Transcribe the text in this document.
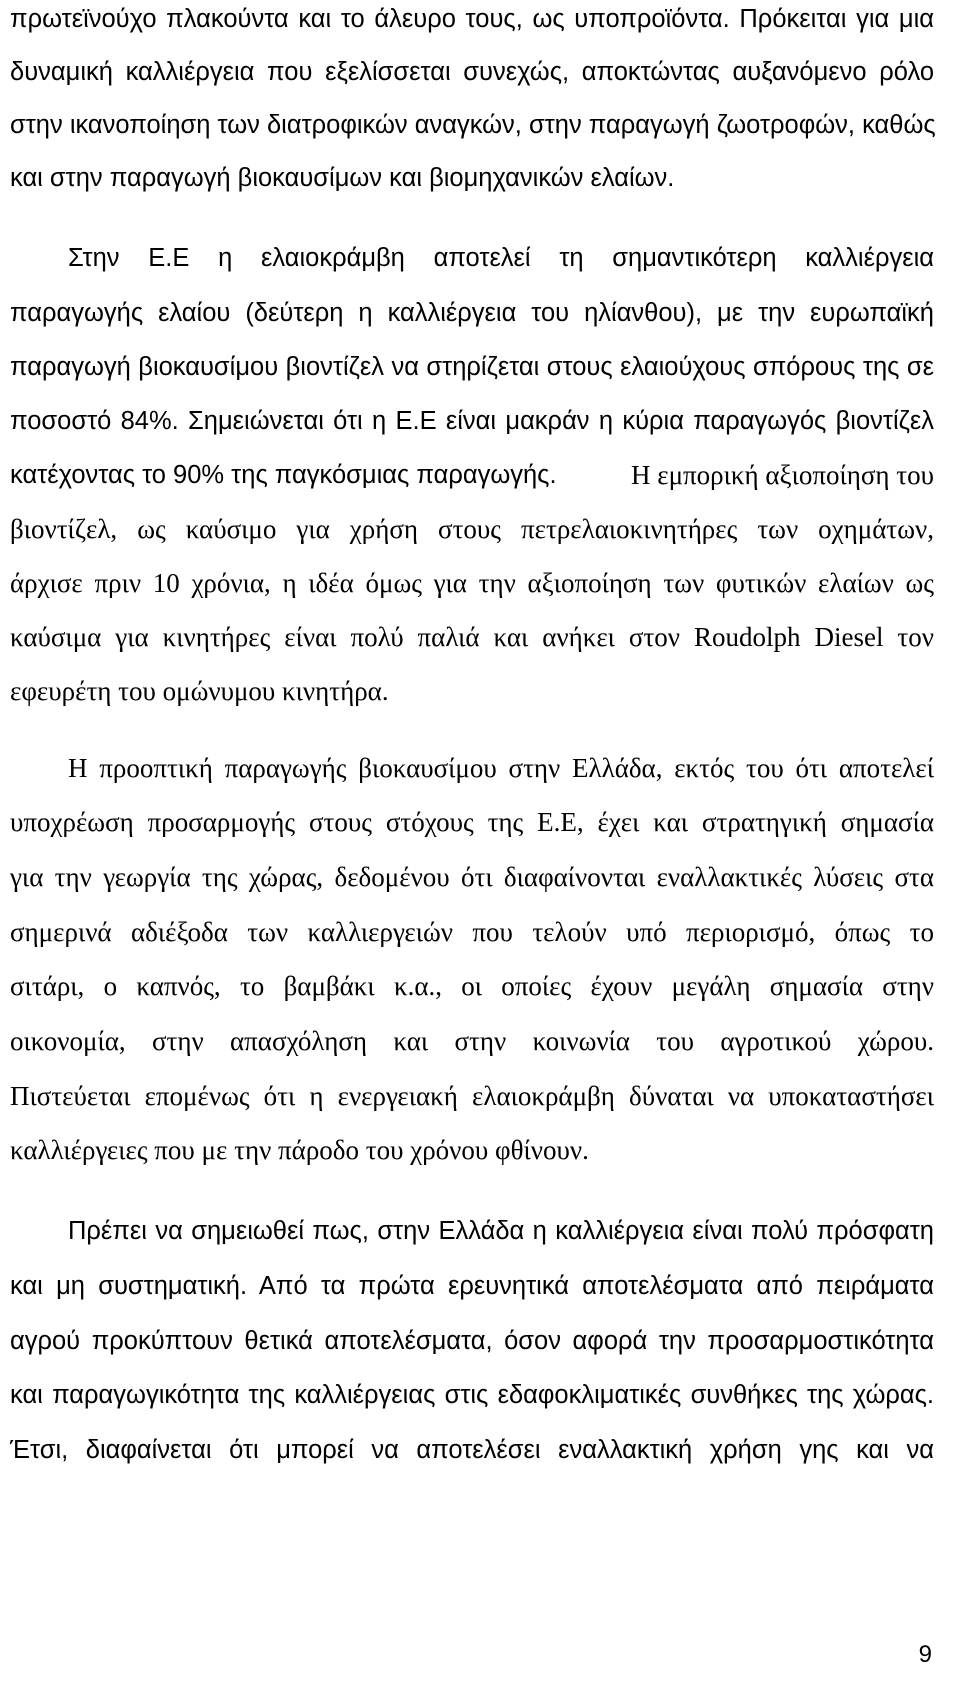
πρωτεϊνούχο πλακούντα και το άλευρο τους, ως υποπροϊόντα. Πρόκειται για μια
δυναμική καλλιέργεια που εξελίσσεται συνεχώς, αποκτώντας αυξανόμενο ρόλο
στην ικανοποίηση των διατροφικών αναγκών, στην παραγωγή ζωοτροφών, καθώς
και στην παραγωγή βιοκαυσίμων και βιομηχανικών ελαίων.
Στην Ε.Ε η ελαιοκράμβη αποτελεί τη σημαντικότερη καλλιέργεια
παραγωγής ελαίου (δεύτερη η καλλιέργεια του ηλίανθου), με την ευρωπαϊκή
παραγωγή βιοκαυσίμου βιοντίζελ να στηρίζεται στους ελαιούχους σπόρους της σε
ποσοστό 84%. Σημειώνεται ότι η Ε.Ε είναι μακράν η κύρια παραγωγός βιοντίζελ
κατέχοντας το 90% της παγκόσμιας παραγωγής.	Η εμπορική αξιοποίηση του
βιοντίζελ, ως καύσιμο για χρήση στους πετρελαιοκινητήρες των οχημάτων,
άρχισε πριν 10 χρόνια, η ιδέα όμως για την αξιοποίηση των φυτικών ελαίων ως
καύσιμα για κινητήρες είναι πολύ παλιά και ανήκει στον Roudolph Diesel τον
εφευρέτη του ομώνυμου κινητήρα.
Η προοπτική παραγωγής βιοκαυσίμου στην Ελλάδα, εκτός του ότι αποτελεί
υποχρέωση προσαρμογής στους στόχους της Ε.Ε, έχει και στρατηγική σημασία
για την γεωργία της χώρας, δεδομένου ότι διαφαίνονται εναλλακτικές λύσεις στα
σημερινά αδιέξοδα των καλλιεργειών που τελούν υπό περιορισμό, όπως το
σιτάρι, ο καπνός, το βαμβάκι κ.α., οι οποίες έχουν μεγάλη σημασία στην
οικονομία, στην απασχόληση και στην κοινωνία του αγροτικού χώρου.
Πιστεύεται επομένως ότι η ενεργειακή ελαιοκράμβη δύναται να υποκαταστήσει
καλλιέργειες που με την πάροδο του χρόνου φθίνουν.
Πρέπει να σημειωθεί πως, στην Ελλάδα η καλλιέργεια είναι πολύ πρόσφατη
και μη συστηματική. Από τα πρώτα ερευνητικά αποτελέσματα από πειράματα
αγρού προκύπτουν θετικά αποτελέσματα, όσον αφορά την προσαρμοστικότητα
και παραγωγικότητα της καλλιέργειας στις εδαφοκλιματικές συνθήκες της χώρας.
Έτσι, διαφαίνεται ότι μπορεί να αποτελέσει εναλλακτική χρήση γης και να
9
